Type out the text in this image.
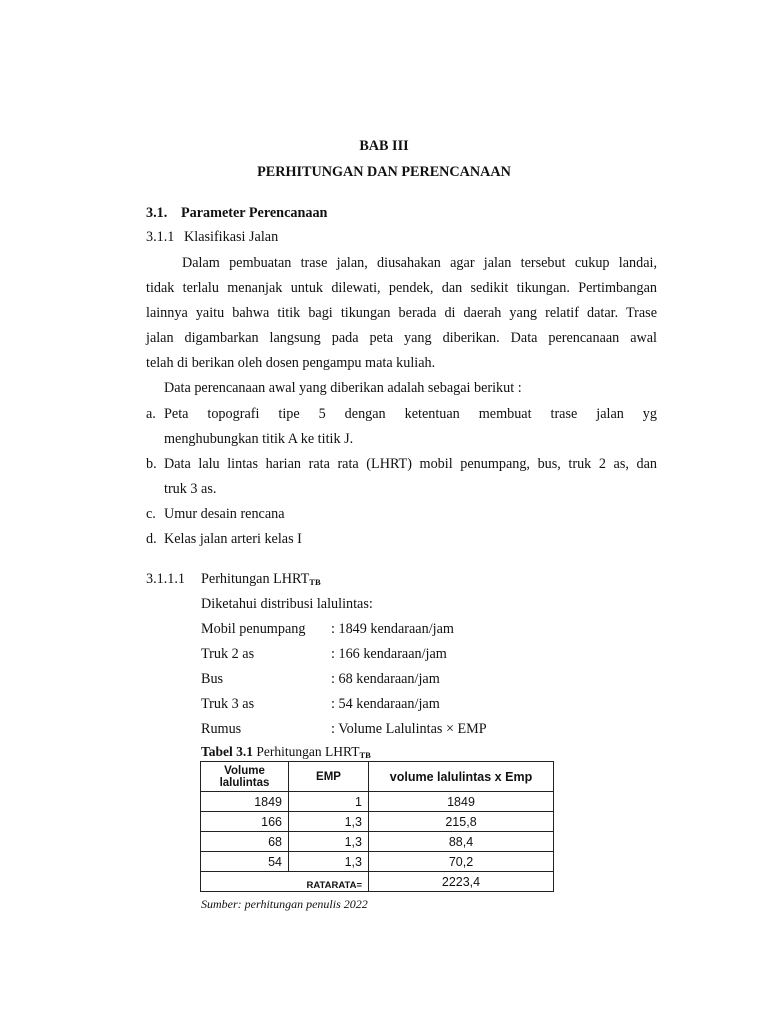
BAB III
PERHITUNGAN DAN PERENCANAAN
3.1. Parameter Perencanaan
3.1.1 Klasifikasi Jalan
Dalam pembuatan trase jalan, diusahakan agar jalan tersebut cukup landai,
tidak terlalu menanjak untuk dilewati, pendek, dan sedikit tikungan. Pertimbangan
lainnya yaitu bahwa titik bagi tikungan berada di daerah yang relatif datar. Trase
jalan digambarkan langsung pada peta yang diberikan. Data perencanaan awal
telah di berikan oleh dosen pengampu mata kuliah.
Data perencanaan awal yang diberikan adalah sebagai berikut :
a. Peta topografi tipe 5 dengan ketentuan membuat trase jalan yg
menghubungkan titik A ke titik J.
b. Data lalu lintas harian rata rata (LHRT) mobil penumpang, bus, truk 2 as, dan
truk 3 as.
c. Umur desain rencana
d. Kelas jalan arteri kelas I
3.1.1.1 Perhitungan $LHRT_{TB}$
Diketahui distribusi lalulintas:
Mobil penumpang : 1849 kendaraan/jam
Truk 2 as	: 166 kendaraan/jam
Bus	: 68 kendaraan/jam
Truk 3 as	: 54 kendaraan/jam
Rumus	: Volume Lalulintas × EMP
Tabel 3.1 Perhitungan $LHRT_{TB}$
Volume lalulintas	EMP	volume lalulintas x Emp
1849	1	1849
166	1,3	215,8
68	1,3	88,4
54	1,3	70,2
RATARATA=		2223,4
Sumber: perhitungan penulis 2022
